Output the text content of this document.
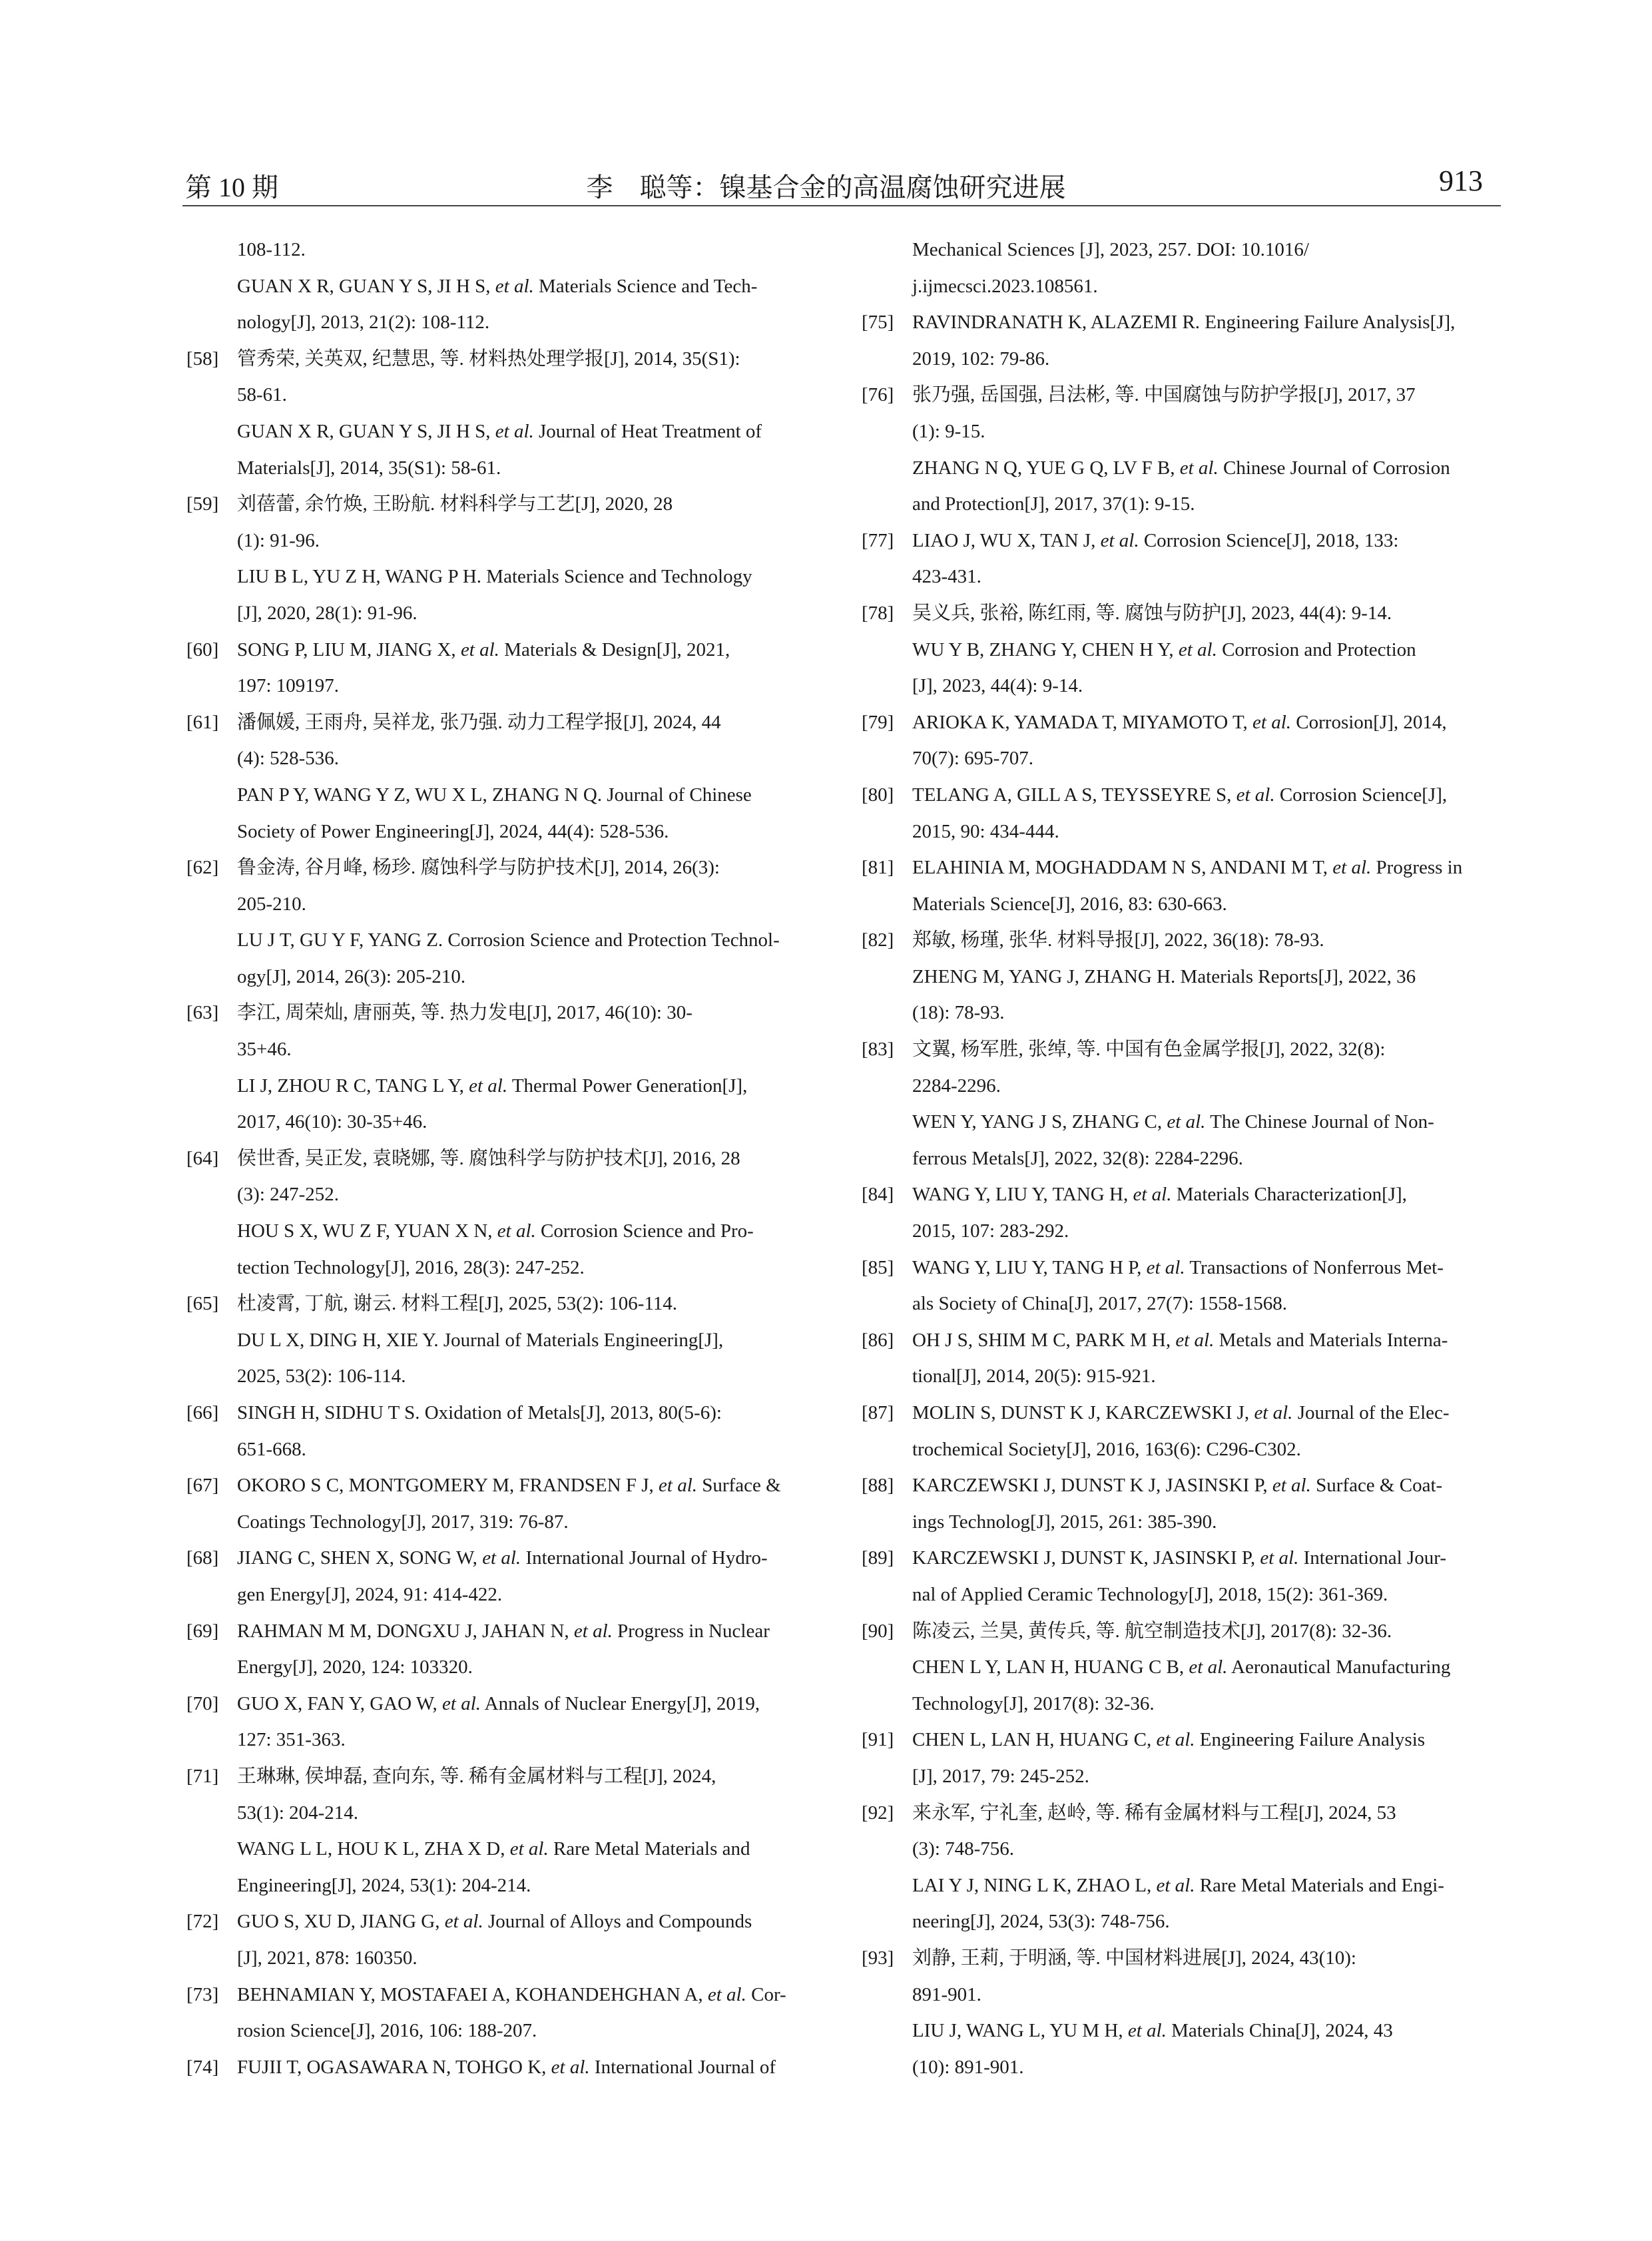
第 10 期	李　聪等：镍基合金的高温腐蚀研究进展	913
108-112.
GUAN X R, GUAN Y S, JI H S, et al. Materials Science and Tech-
nology[J], 2013, 21(2): 108-112.
[58] 管秀荣, 关英双, 纪慧思, 等. 材料热处理学报[J], 2014, 35(S1):
58-61.
GUAN X R, GUAN Y S, JI H S, et al. Journal of Heat Treatment of
Materials[J], 2014, 35(S1): 58-61.
[59] 刘蓓蕾, 余竹焕, 王盼航. 材料科学与工艺[J], 2020, 28
(1): 91-96.
LIU B L, YU Z H, WANG P H. Materials Science and Technology
[J], 2020, 28(1): 91-96.
[60] SONG P, LIU M, JIANG X, et al. Materials & Design[J], 2021,
197: 109197.
[61] 潘佩媛, 王雨舟, 吴祥龙, 张乃强. 动力工程学报[J], 2024, 44
(4): 528-536.
PAN P Y, WANG Y Z, WU X L, ZHANG N Q. Journal of Chinese
Society of Power Engineering[J], 2024, 44(4): 528-536.
[62] 鲁金涛, 谷月峰, 杨珍. 腐蚀科学与防护技术[J], 2014, 26(3):
205-210.
LU J T, GU Y F, YANG Z. Corrosion Science and Protection Technol-
ogy[J], 2014, 26(3): 205-210.
[63] 李江, 周荣灿, 唐丽英, 等. 热力发电[J], 2017, 46(10): 30-
35+46.
LI J, ZHOU R C, TANG L Y, et al. Thermal Power Generation[J],
2017, 46(10): 30-35+46.
[64] 侯世香, 吴正发, 袁晓娜, 等. 腐蚀科学与防护技术[J], 2016, 28
(3): 247-252.
HOU S X, WU Z F, YUAN X N, et al. Corrosion Science and Pro-
tection Technology[J], 2016, 28(3): 247-252.
[65] 杜凌霄, 丁航, 谢云. 材料工程[J], 2025, 53(2): 106-114.
DU L X, DING H, XIE Y. Journal of Materials Engineering[J],
2025, 53(2): 106-114.
[66] SINGH H, SIDHU T S. Oxidation of Metals[J], 2013, 80(5-6):
651-668.
[67] OKORO S C, MONTGOMERY M, FRANDSEN F J, et al. Surface &
Coatings Technology[J], 2017, 319: 76-87.
[68] JIANG C, SHEN X, SONG W, et al. International Journal of Hydro-
gen Energy[J], 2024, 91: 414-422.
[69] RAHMAN M M, DONGXU J, JAHAN N, et al. Progress in Nuclear
Energy[J], 2020, 124: 103320.
[70] GUO X, FAN Y, GAO W, et al. Annals of Nuclear Energy[J], 2019,
127: 351-363.
[71] 王琳琳, 侯坤磊, 查向东, 等. 稀有金属材料与工程[J], 2024,
53(1): 204-214.
WANG L L, HOU K L, ZHA X D, et al. Rare Metal Materials and
Engineering[J], 2024, 53(1): 204-214.
[72] GUO S, XU D, JIANG G, et al. Journal of Alloys and Compounds
[J], 2021, 878: 160350.
[73] BEHNAMIAN Y, MOSTAFAEI A, KOHANDEHGHAN A, et al. Cor-
rosion Science[J], 2016, 106: 188-207.
[74] FUJII T, OGASAWARA N, TOHGO K, et al. International Journal of
Mechanical Sciences [J], 2023, 257. DOI: 10.1016/
j.ijmecsci.2023.108561.
[75] RAVINDRANATH K, ALAZEMI R. Engineering Failure Analysis[J],
2019, 102: 79-86.
[76] 张乃强, 岳国强, 吕法彬, 等. 中国腐蚀与防护学报[J], 2017, 37
(1): 9-15.
ZHANG N Q, YUE G Q, LV F B, et al. Chinese Journal of Corrosion
and Protection[J], 2017, 37(1): 9-15.
[77] LIAO J, WU X, TAN J, et al. Corrosion Science[J], 2018, 133:
423-431.
[78] 吴义兵, 张裕, 陈红雨, 等. 腐蚀与防护[J], 2023, 44(4): 9-14.
WU Y B, ZHANG Y, CHEN H Y, et al. Corrosion and Protection
[J], 2023, 44(4): 9-14.
[79] ARIOKA K, YAMADA T, MIYAMOTO T, et al. Corrosion[J], 2014,
70(7): 695-707.
[80] TELANG A, GILL A S, TEYSSEYRE S, et al. Corrosion Science[J],
2015, 90: 434-444.
[81] ELAHINIA M, MOGHADDAM N S, ANDANI M T, et al. Progress in
Materials Science[J], 2016, 83: 630-663.
[82] 郑敏, 杨瑾, 张华. 材料导报[J], 2022, 36(18): 78-93.
ZHENG M, YANG J, ZHANG H. Materials Reports[J], 2022, 36
(18): 78-93.
[83] 文翼, 杨军胜, 张绰, 等. 中国有色金属学报[J], 2022, 32(8):
2284-2296.
WEN Y, YANG J S, ZHANG C, et al. The Chinese Journal of Non-
ferrous Metals[J], 2022, 32(8): 2284-2296.
[84] WANG Y, LIU Y, TANG H, et al. Materials Characterization[J],
2015, 107: 283-292.
[85] WANG Y, LIU Y, TANG H P, et al. Transactions of Nonferrous Met-
als Society of China[J], 2017, 27(7): 1558-1568.
[86] OH J S, SHIM M C, PARK M H, et al. Metals and Materials Interna-
tional[J], 2014, 20(5): 915-921.
[87] MOLIN S, DUNST K J, KARCZEWSKI J, et al. Journal of the Elec-
trochemical Society[J], 2016, 163(6): C296-C302.
[88] KARCZEWSKI J, DUNST K J, JASINSKI P, et al. Surface & Coat-
ings Technolog[J], 2015, 261: 385-390.
[89] KARCZEWSKI J, DUNST K, JASINSKI P, et al. International Jour-
nal of Applied Ceramic Technology[J], 2018, 15(2): 361-369.
[90] 陈凌云, 兰昊, 黄传兵, 等. 航空制造技术[J], 2017(8): 32-36.
CHEN L Y, LAN H, HUANG C B, et al. Aeronautical Manufacturing
Technology[J], 2017(8): 32-36.
[91] CHEN L, LAN H, HUANG C, et al. Engineering Failure Analysis
[J], 2017, 79: 245-252.
[92] 来永军, 宁礼奎, 赵岭, 等. 稀有金属材料与工程[J], 2024, 53
(3): 748-756.
LAI Y J, NING L K, ZHAO L, et al. Rare Metal Materials and Engi-
neering[J], 2024, 53(3): 748-756.
[93] 刘静, 王莉, 于明涵, 等. 中国材料进展[J], 2024, 43(10):
891-901.
LIU J, WANG L, YU M H, et al. Materials China[J], 2024, 43
(10): 891-901.
